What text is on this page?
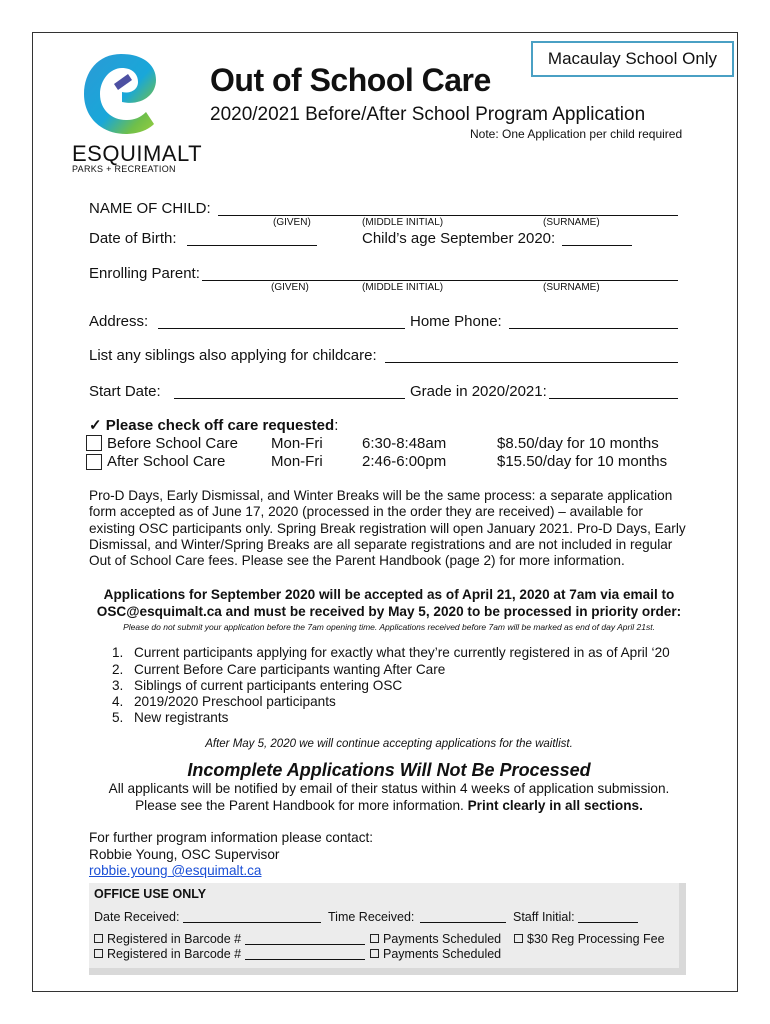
Macaulay School Only
ESQUIMALT
PARKS + RECREATION
Out of School Care
2020/2021 Before/After School Program Application
Note: One Application per child required
NAME OF CHILD:
(GIVEN)	(MIDDLE INITIAL)	(SURNAME)
Date of Birth:	Child’s age September 2020:
Enrolling Parent:
(GIVEN)	(MIDDLE INITIAL)	(SURNAME)
Address:	Home Phone:
List any siblings also applying for childcare:
Start Date:	Grade in 2020/2021:
✓ Please check off care requested:
Before School Care Mon-Fri	6:30-8:48am	$8.50/day for 10 months
After School Care	Mon-Fri	2:46-6:00pm	$15.50/day for 10 months
Pro-D Days, Early Dismissal, and Winter Breaks will be the same process: a separate application form accepted as of June 17, 2020 (processed in the order they are received) – available for existing OSC participants only. Spring Break registration will open January 2021. Pro-D Days, Early Dismissal, and Winter/Spring Breaks are all separate registrations and are not included in regular Out of School Care fees. Please see the Parent Handbook (page 2) for more information.
Applications for September 2020 will be accepted as of April 21, 2020 at 7am via email to
OSC@esquimalt.ca and must be received by May 5, 2020 to be processed in priority order:
Please do not submit your application before the 7am opening time. Applications received before 7am will be marked as end of day April 21st.
1. Current participants applying for exactly what they’re currently registered in as of April ‘20
2. Current Before Care participants wanting After Care
3. Siblings of current participants entering OSC
4. 2019/2020 Preschool participants
5. New registrants
After May 5, 2020 we will continue accepting applications for the waitlist.
Incomplete Applications Will Not Be Processed
All applicants will be notified by email of their status within 4 weeks of application submission.
Please see the Parent Handbook for more information. Print clearly in all sections.
For further program information please contact:
Robbie Young, OSC Supervisor
robbie.young @esquimalt.ca
OFFICE USE ONLY
Date Received:	Time Received:	Staff Initial:
Registered in Barcode #	Payments Scheduled	$30 Reg Processing Fee
Registered in Barcode #	Payments Scheduled
